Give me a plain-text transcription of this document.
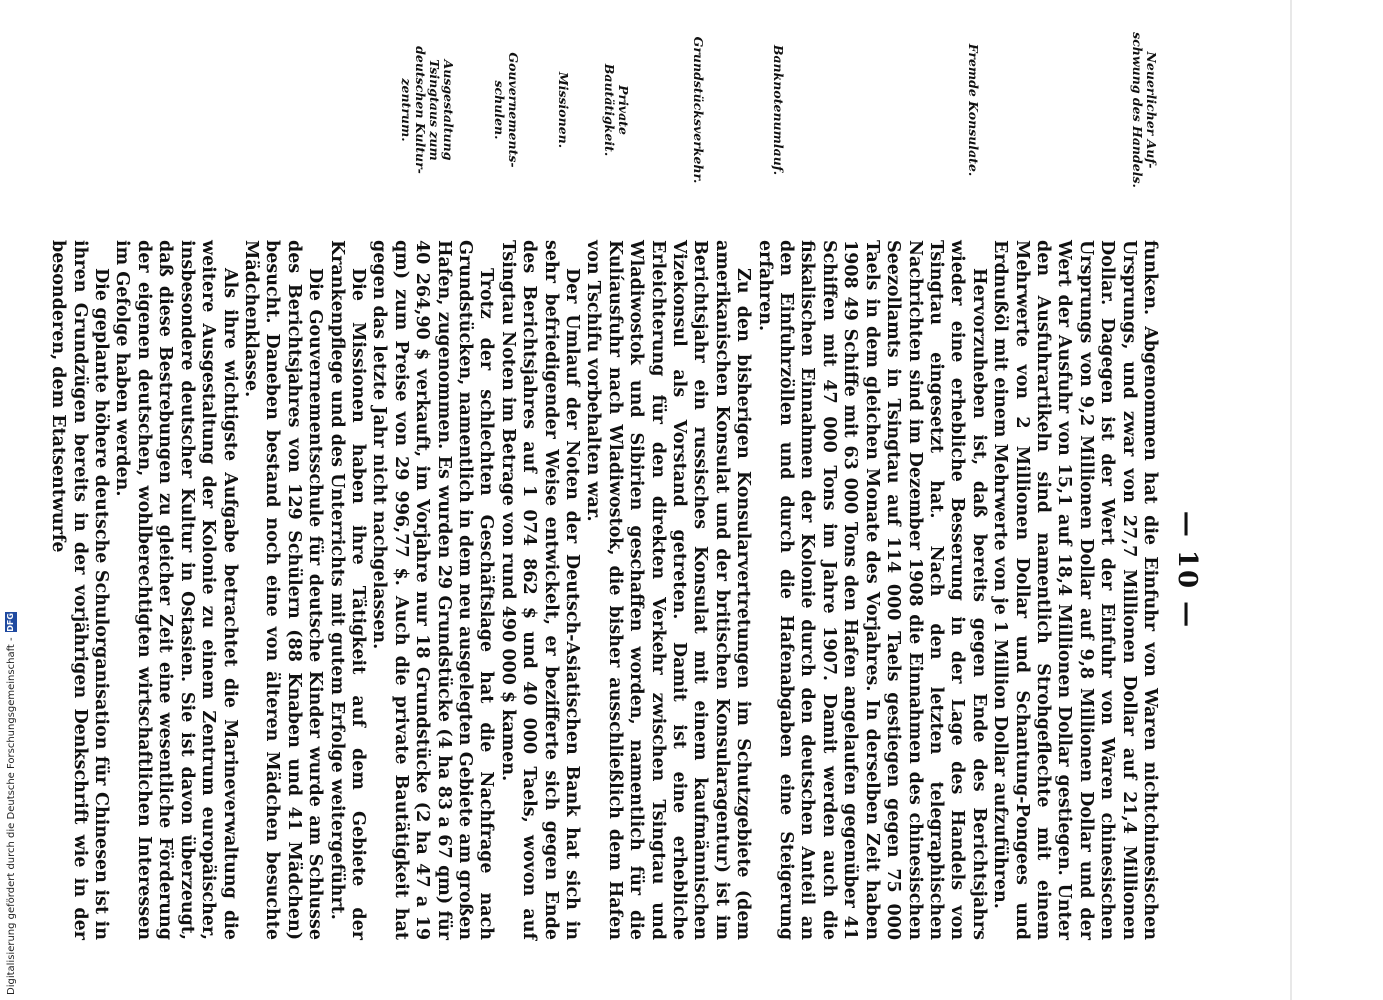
— 10 —

funken. Abgenommen hat die Einfuhr von Waren nichtchinesischen Ursprungs, und zwar von 27,7 Millionen Dollar auf 21,4 Millionen Dollar. Dagegen ist der Wert der Einfuhr von Waren chinesischen Ursprungs von 9,2 Millionen Dollar auf 9,8 Millionen Dollar und der Wert der Ausfuhr von 15,1 auf 18,4 Millionen Dollar gestiegen. Unter den Ausfuhrartikeln sind namentlich Strohgeflechte mit einem Mehrwerte von 2 Millionen Dollar und Schantung-Pongees und Erdnußöl mit einem Mehrwerte von je 1 Million Dollar aufzuführen.

Hervorzuheben ist, daß bereits gegen Ende des Berichtsjahrs wieder eine erhebliche Besserung in der Lage des Handels von Tsingtau eingesetzt hat. Nach den letzten telegraphischen Nachrichten sind im Dezember 1908 die Einnahmen des chinesischen Seezollamts in Tsingtau auf 114 000 Taels gestiegen gegen 75 000 Taels in dem gleichen Monate des Vorjahres. In derselben Zeit haben 1908 49 Schiffe mit 63 000 Tons den Hafen angelaufen gegenüber 41 Schiffen mit 47 000 Tons im Jahre 1907. Damit werden auch die fiskalischen Einnahmen der Kolonie durch den deutschen Anteil an den Einfuhrzöllen und durch die Hafenabgaben eine Steigerung erfahren.

Zu den bisherigen Konsularvertretungen im Schutzgebiete (dem amerikanischen Konsulat und der britischen Konsularagentur) ist im Berichtsjahr ein russisches Konsulat mit einem kaufmännischen Vizekonsul als Vorstand getreten. Damit ist eine erhebliche Erleichterung für den direkten Verkehr zwischen Tsingtau und Wladiwostok und Sibirien geschaffen worden, namentlich für die Kulíausfuhr nach Wladiwostok, die bisher ausschließlich dem Hafen von Tschifu vorbehalten war.

Der Umlauf der Noten der Deutsch-Asiatischen Bank hat sich in sehr befriedigender Weise entwickelt, er bezifferte sich gegen Ende des Berichtsjahres auf 1 074 862 $ und 40 000 Taels, wovon auf Tsingtau Noten im Betrage von rund 490 000 $ kamen.

Trotz der schlechten Geschäftslage hat die Nachfrage nach Grundstücken, namentlich in dem neu ausgelegten Gebiete am großen Hafen, zugenommen. Es wurden 29 Grundstücke (4 ha 83 a 67 qm) für 40 264,90 $ verkauft, im Vorjahre nur 18 Grundstücke (2 ha 47 a 19 qm) zum Preise von 29 996,77 $. Auch die private Bautätigkeit hat gegen das letzte Jahr nicht nachgelassen.

Die Missionen haben ihre Tätigkeit auf dem Gebiete der Krankenpflege und des Unterrichts mit gutem Erfolge weitergeführt.

Die Gouvernementsschule für deutsche Kinder wurde am Schlusse des Berichtsjahres von 129 Schülern (88 Knaben und 41 Mädchen) besucht. Daneben bestand noch eine von älteren Mädchen besuchte Mädchenklasse.

Als ihre wichtigste Aufgabe betrachtet die Marineverwaltung die weitere Ausgestaltung der Kolonie zu einem Zentrum europäischer, insbesondere deutscher Kultur in Ostasien. Sie ist davon überzeugt, daß diese Bestrebungen zu gleicher Zeit eine wesentliche Förderung der eigenen deutschen, wohlberechtigten wirtschaftlichen Interessen im Gefolge haben werden.

Die geplante höhere deutsche Schulorganisation für Chinesen ist in ihren Grundzügen bereits in der vorjährigen Denkschrift wie in der besonderen, dem Etatsentwurfe

Neuerlicher Auf-
schwung des Handels.
Fremde Konsulate.
Banknotenumlauf.
Grundstücksverkehr.
Private
Bautätigkeit.
Missionen.
Gouvernements-
schulen.
Ausgestaltung
Tsingtaus zum
deutschen Kultur-
zentrum.
Digitalisierung gefördert durch die Deutsche Forschungsgemeinschaft -
DFG
